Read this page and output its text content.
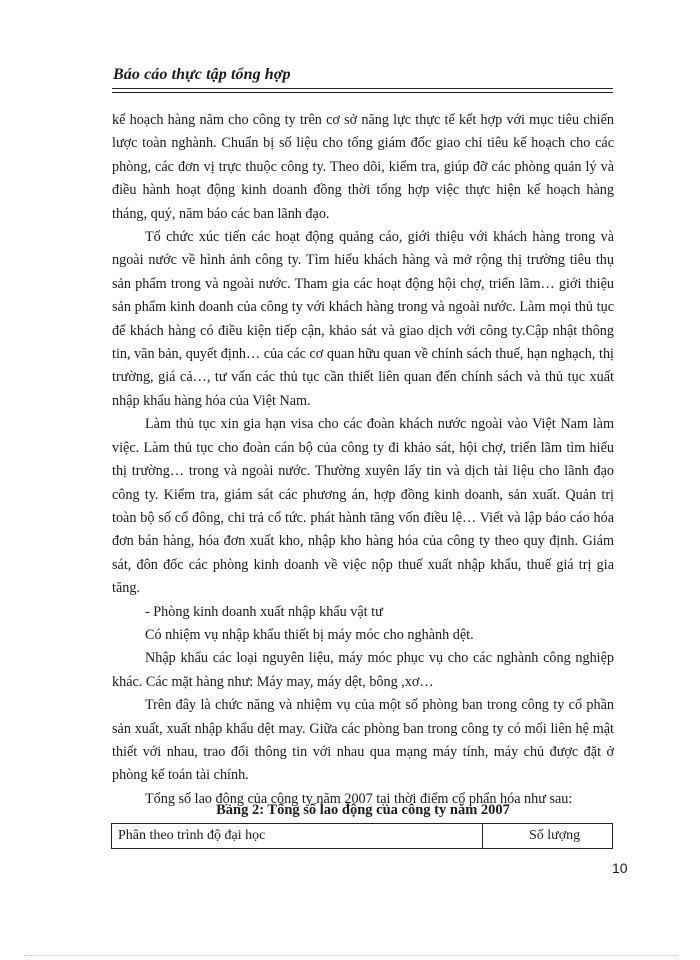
Báo cáo thực tập tổng hợp

kế hoạch hàng năm cho công ty trên cơ sở năng lực thực tế kết hợp với mục tiêu chiến lược toàn nghành. Chuẩn bị số liệu cho tổng giám đốc giao chỉ tiêu kế hoạch cho các phòng, các đơn vị trực thuộc công ty. Theo dõi, kiểm tra, giúp đỡ các phòng quản lý và điều hành hoạt động kinh doanh đồng thời tổng hợp việc thực hiện kế hoạch hàng tháng, quý, năm báo các ban lãnh đạo.

Tổ chức xúc tiến các hoạt động quảng cáo, giới thiệu với khách hàng trong và ngoài nước về hình ảnh công ty. Tìm hiểu khách hàng và mở rộng thị trường tiêu thụ sản phẩm trong và ngoài nước. Tham gia các hoạt động hội chợ, triển lãm… giới thiệu sản phẩm kinh doanh của công ty với khách hàng trong và ngoài nước. Làm mọi thủ tục để khách hàng có điều kiện tiếp cận, khảo sát và giao dịch với công ty.Cập nhật thông tin, văn bản, quyết định… của các cơ quan hữu quan về chính sách thuế, hạn nghạch, thị trường, giá cả…, tư vấn các thủ tục cần thiết liên quan đến chính sách và thủ tục xuất nhập khẩu hàng hóa của Việt Nam.

Làm thủ tục xin gia hạn visa cho các đoàn khách nước ngoài vào Việt Nam làm việc. Làm thủ tục cho đoàn cán bộ của công ty đi khảo sát, hội chợ, triển lãm tìm hiểu thị trường… trong và ngoài nước. Thường xuyên lấy tin và dịch tài liệu cho lãnh đạo công ty. Kiểm tra, giám sát các phương án, hợp đồng kinh doanh, sản xuất. Quản trị toàn bộ số cổ đông, chi trả cổ tức. phát hành tăng vốn điều lệ… Viết và lập báo cáo hóa đơn bán hàng, hóa đơn xuất kho, nhập kho hàng hóa của công ty theo quy định. Giám sát, đôn đốc các phòng kinh doanh về việc nộp thuế xuất nhập khẩu, thuế giá trị gia tăng.

- Phòng kinh doanh xuất nhập khẩu vật tư

Có nhiệm vụ nhập khẩu thiết bị máy móc cho nghành dệt.

Nhập khẩu các loại nguyên liệu, máy móc phục vụ cho các nghành công nghiệp khác. Các mặt hàng như: Máy may, máy dệt, bông ,xơ…

Trên đây là chức năng và nhiệm vụ của một số phòng ban trong công ty cổ phần sản xuất, xuất nhập khẩu dệt may. Giữa các phòng ban trong công ty có mối liên hệ mật thiết với nhau, trao đổi thông tin với nhau qua mạng máy tính, máy chủ được đặt ở phòng kế toán tài chính.

Tổng số lao động của công ty năm 2007 tại thời điểm cổ phẩn hóa như sau:

Bảng 2: Tổng số lao động của công ty năm 2007
Phân theo trình độ đại học	Số lượng
10
